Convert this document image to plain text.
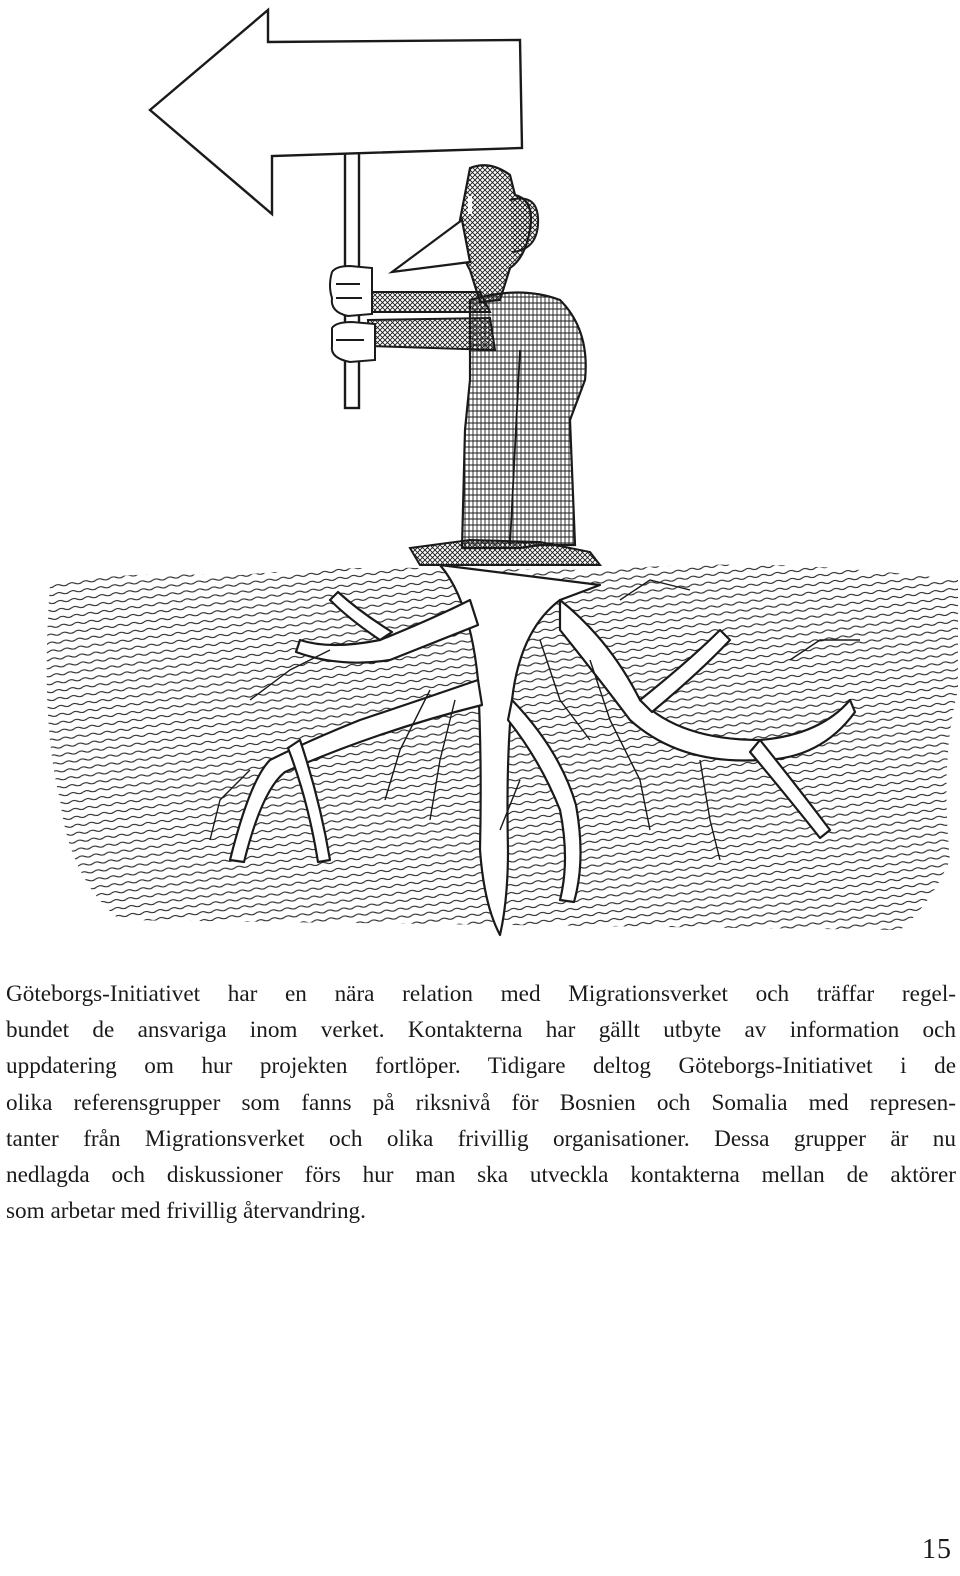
Göteborgs-Initiativet har en nära relation med Migrationsverket och träffar regel-
bundet de ansvariga inom verket. Kontakterna har gällt utbyte av information och
uppdatering om hur projekten fortlöper. Tidigare deltog Göteborgs-Initiativet i de
olika referensgrupper som fanns på riksnivå för Bosnien och Somalia med represen-
tanter från Migrationsverket och olika frivillig organisationer. Dessa grupper är nu
nedlagda och diskussioner förs hur man ska utveckla kontakterna mellan de aktörer
som arbetar med frivillig återvandring.
15
